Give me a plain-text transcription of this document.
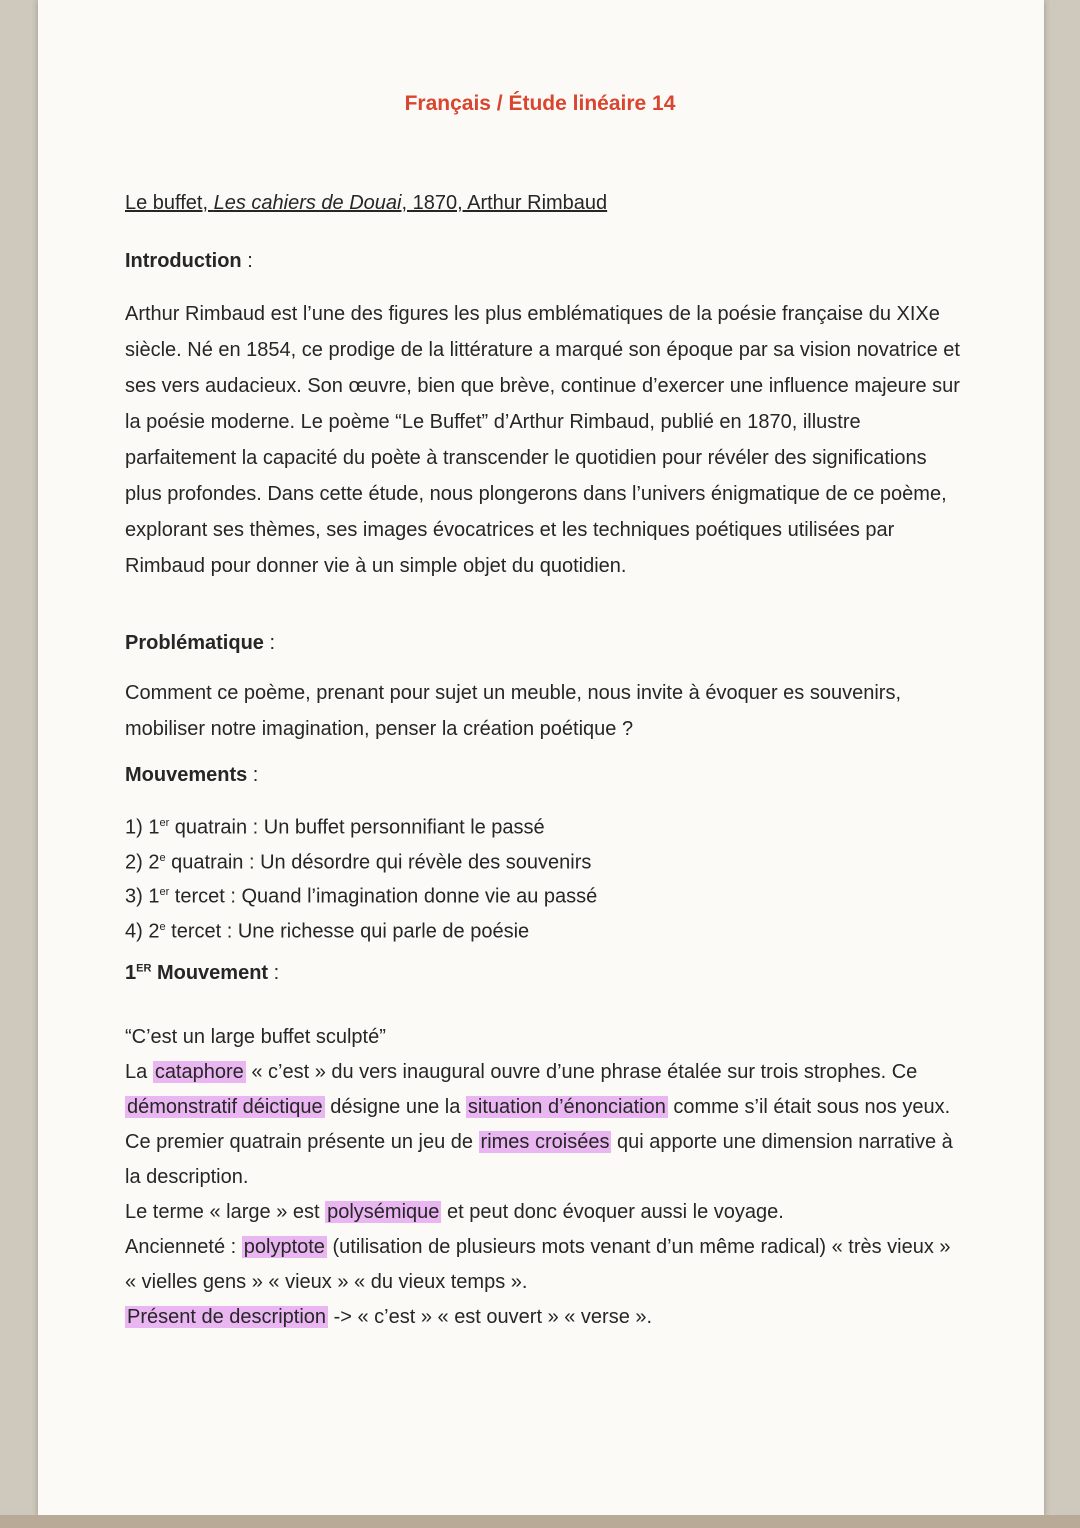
Français / Étude linéaire 14
Le buffet, Les cahiers de Douai, 1870, Arthur Rimbaud
Introduction :
Arthur Rimbaud est l’une des figures les plus emblématiques de la poésie française du XIXe siècle. Né en 1854, ce prodige de la littérature a marqué son époque par sa vision novatrice et ses vers audacieux. Son œuvre, bien que brève, continue d’exercer une influence majeure sur la poésie moderne. Le poème “Le Buffet” d’Arthur Rimbaud, publié en 1870, illustre parfaitement la capacité du poète à transcender le quotidien pour révéler des significations plus profondes. Dans cette étude, nous plongerons dans l’univers énigmatique de ce poème, explorant ses thèmes, ses images évocatrices et les techniques poétiques utilisées par Rimbaud pour donner vie à un simple objet du quotidien.
Problématique :
Comment ce poème, prenant pour sujet un meuble, nous invite à évoquer es souvenirs, mobiliser notre imagination, penser la création poétique ?
Mouvements :
1) 1er quatrain : Un buffet personnifiant le passé
2) 2e quatrain : Un désordre qui révèle des souvenirs
3) 1er tercet : Quand l’imagination donne vie au passé
4) 2e tercet : Une richesse qui parle de poésie
1ER Mouvement :

“C’est un large buffet sculpté”

La cataphore « c’est » du vers inaugural ouvre d’une phrase étalée sur trois strophes. Ce démonstratif déictique désigne une la situation d’énonciation comme s’il était sous nos yeux.

Ce premier quatrain présente un jeu de rimes croisées qui apporte une dimension narrative à la description.

Le terme « large » est polysémique et peut donc évoquer aussi le voyage.

Ancienneté : polyptote (utilisation de plusieurs mots venant d’un même radical) « très vieux » « vielles gens » « vieux » « du vieux temps ».

Présent de description -> « c’est » « est ouvert » « verse ».
